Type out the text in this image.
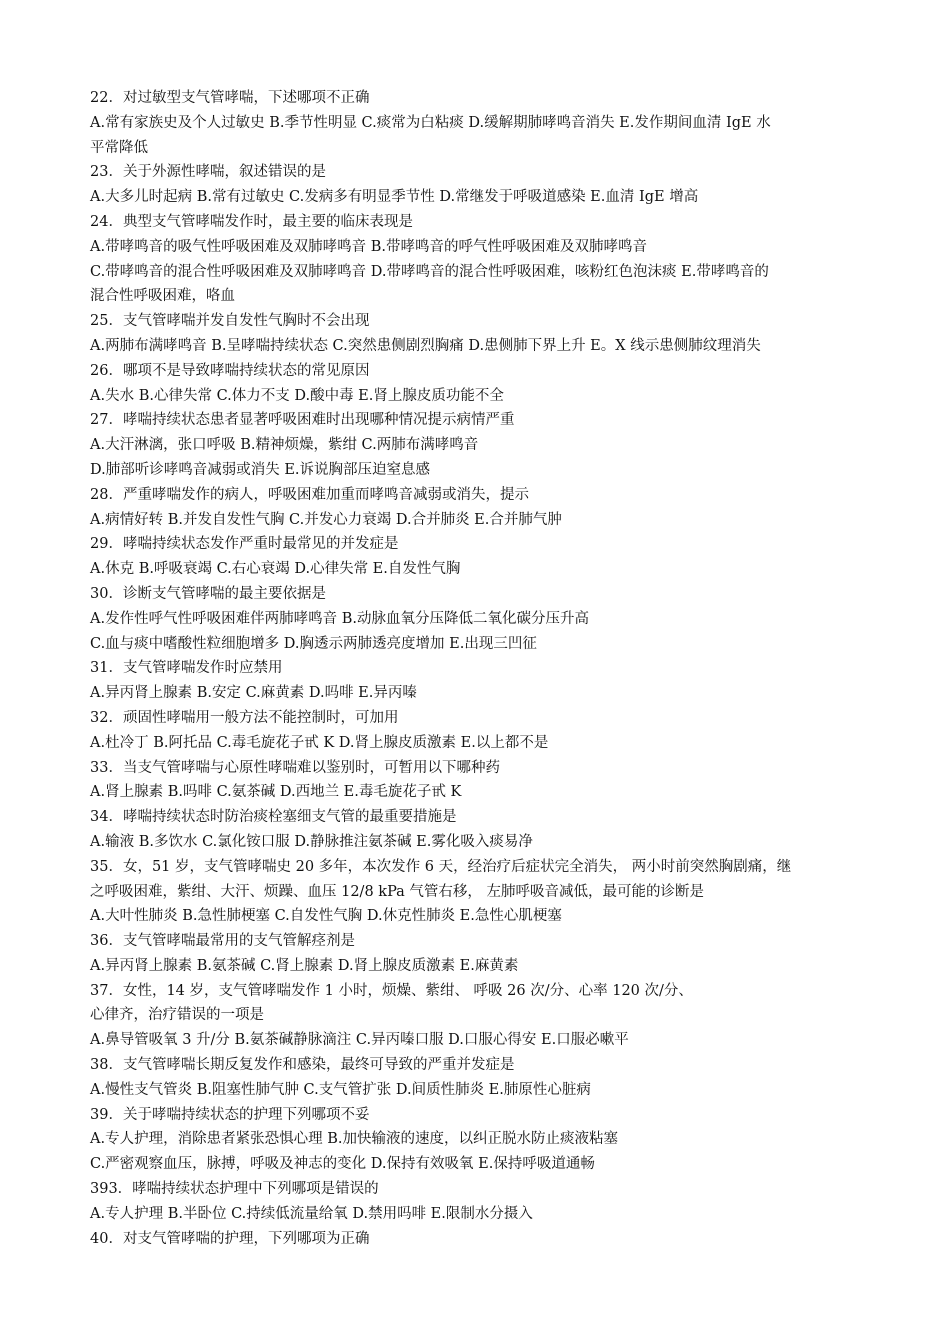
22．对过敏型支气管哮喘，下述哪项不正确
A.常有家族史及个人过敏史 B.季节性明显 C.痰常为白粘痰 D.缓解期肺哮鸣音消失 E.发作期间血清 IgE 水
平常降低
23．关于外源性哮喘，叙述错误的是
A.大多儿时起病 B.常有过敏史 C.发病多有明显季节性 D.常继发于呼吸道感染 E.血清 IgE 增高
24．典型支气管哮喘发作时，最主要的临床表现是
A.带哮鸣音的吸气性呼吸困难及双肺哮鸣音 B.带哮鸣音的呼气性呼吸困难及双肺哮鸣音
C.带哮鸣音的混合性呼吸困难及双肺哮鸣音 D.带哮鸣音的混合性呼吸困难，咳粉红色泡沫痰 E.带哮鸣音的
混合性呼吸困难，咯血
25．支气管哮喘并发自发性气胸时不会出现
A.两肺布满哮鸣音 B.呈哮喘持续状态 C.突然患侧剧烈胸痛 D.患侧肺下界上升 E。X 线示患侧肺纹理消失
26．哪项不是导致哮喘持续状态的常见原因
A.失水 B.心律失常 C.体力不支 D.酸中毒 E.肾上腺皮质功能不全
27．哮喘持续状态患者显著呼吸困难时出现哪种情况提示病情严重
A.大汗淋漓，张口呼吸 B.精神烦燥，紫绀 C.两肺布满哮鸣音
D.肺部听诊哮鸣音减弱或消失 E.诉说胸部压迫窒息感
28．严重哮喘发作的病人，呼吸困难加重而哮鸣音减弱或消失，提示
A.病情好转 B.并发自发性气胸 C.并发心力衰竭 D.合并肺炎 E.合并肺气肿
29．哮喘持续状态发作严重时最常见的并发症是
A.休克 B.呼吸衰竭 C.右心衰竭 D.心律失常 E.自发性气胸
30．诊断支气管哮喘的最主要依据是
A.发作性呼气性呼吸困难伴两肺哮鸣音 B.动脉血氧分压降低二氧化碳分压升高
C.血与痰中嗜酸性粒细胞增多 D.胸透示两肺透亮度增加 E.出现三凹征
31．支气管哮喘发作时应禁用
A.异丙肾上腺素 B.安定 C.麻黄素 D.吗啡 E.异丙嗪
32．顽固性哮喘用一般方法不能控制时，可加用
A.杜冷丁 B.阿托品 C.毒毛旋花子甙 K D.肾上腺皮质激素 E.以上都不是
33．当支气管哮喘与心原性哮喘难以鉴别时，可暂用以下哪种药
A.肾上腺素 B.吗啡 C.氨茶碱 D.西地兰 E.毒毛旋花子甙 K
34．哮喘持续状态时防治痰栓塞细支气管的最重要措施是
A.输液 B.多饮水 C.氯化铵口服 D.静脉推注氨茶碱 E.雾化吸入痰易净
35．女，51 岁，支气管哮喘史 20 多年，本次发作 6 天，经治疗后症状完全消失， 两小时前突然胸剧痛，继
之呼吸困难，紫绀、大汗、烦躁、血压 12/8 kPa 气管右移， 左肺呼吸音减低，最可能的诊断是
A.大叶性肺炎 B.急性肺梗塞 C.自发性气胸 D.休克性肺炎 E.急性心肌梗塞
36．支气管哮喘最常用的支气管解痉剂是
A.异丙肾上腺素 B.氨茶碱 C.肾上腺素 D.肾上腺皮质激素 E.麻黄素
37．女性，14 岁，支气管哮喘发作 1 小时，烦燥、紫绀、 呼吸 26 次/分、心率 120 次/分、
心律齐，治疗错误的一项是
A.鼻导管吸氧 3 升/分 B.氨茶碱静脉滴注 C.异丙嗪口服 D.口服心得安 E.口服必嗽平
38．支气管哮喘长期反复发作和感染，最终可导致的严重并发症是
A.慢性支气管炎 B.阻塞性肺气肿 C.支气管扩张 D.间质性肺炎 E.肺原性心脏病
39．关于哮喘持续状态的护理下列哪项不妥
A.专人护理，消除患者紧张恐惧心理 B.加快输液的速度，以纠正脱水防止痰液粘塞
C.严密观察血压，脉搏，呼吸及神志的变化 D.保持有效吸氧 E.保持呼吸道通畅
393．哮喘持续状态护理中下列哪项是错误的
A.专人护理 B.半卧位 C.持续低流量给氧 D.禁用吗啡 E.限制水分摄入
40．对支气管哮喘的护理，下列哪项为正确
